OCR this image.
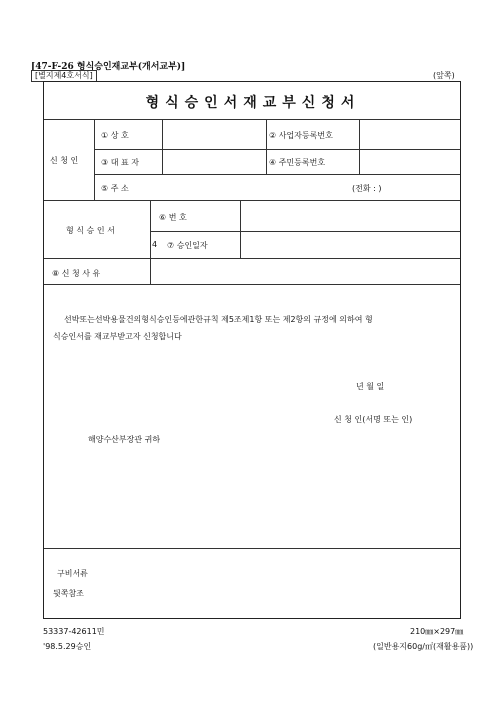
[47-F-26 형식승인재교부(개서교부)]
[별지제4호서식]	(앞쪽)
형식승인서재교부신청서
신 청 인
① 상 호	② 사업자등록번호
③ 대 표 자	④ 주민등록번호
⑤ 주 소	(전화 : )
형 식 승 인 서
⑥ 번 호
4 ⑦ 승인일자
⑧ 신 청 사 유
선박또는선박용물건의형식승인등에관한규칙 제5조제1항 또는 제2항의 규정에 의하여 형
식승인서를 재교부받고자 신청합니다
년 월 일
신 청 인(서명 또는 인)
해양수산부장관 귀하
구비서류
뒷쪽참조
53337-42611민
'98.5.29승인
210㎜×297㎜
(일반용지60g/㎡(재활용품))
